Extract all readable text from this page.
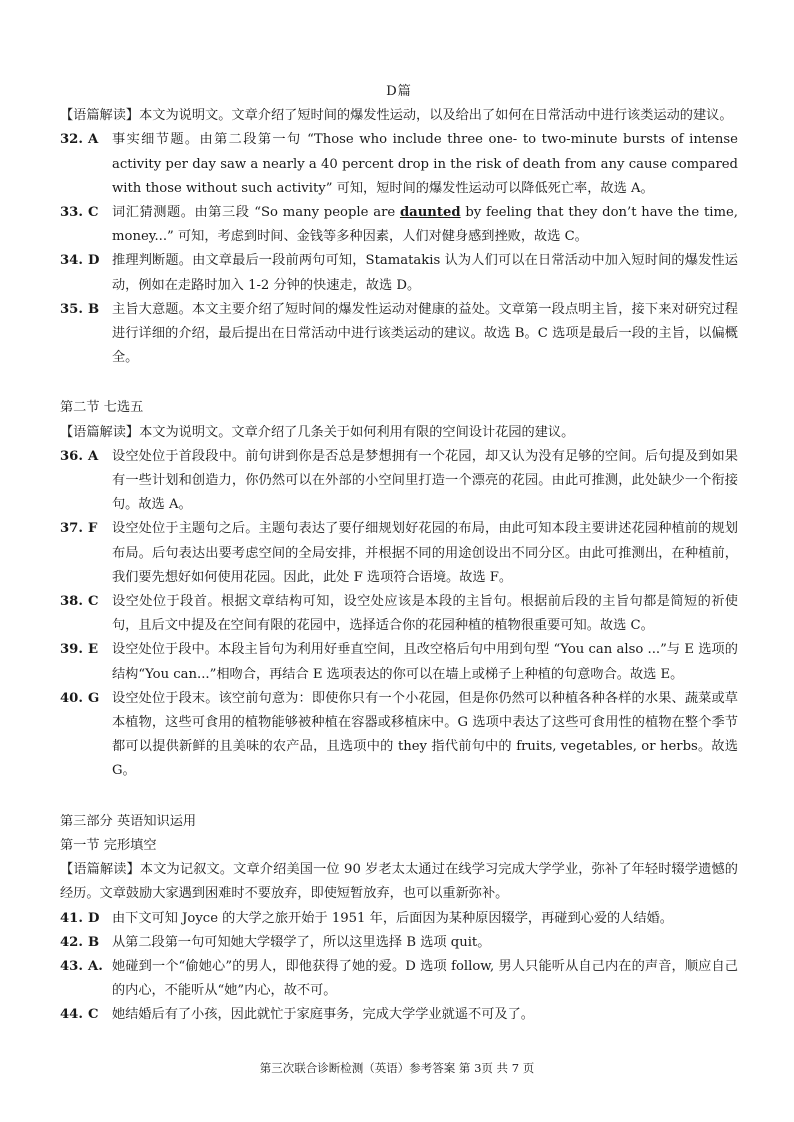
D篇

【语篇解读】本文为说明文。文章介绍了短时间的爆发性运动，以及给出了如何在日常活动中进行该类运动的建议。

32. A	事实细节题。由第二段第一句 “Those who include three one- to two-minute bursts of intense activity per day saw a nearly a 40 percent drop in the risk of death from any cause compared with those without such activity” 可知，短时间的爆发性运动可以降低死亡率，故选 A。
33. C	词汇猜测题。由第三段 “So many people are daunted by feeling that they don’t have the time, money...” 可知，考虑到时间、金钱等多种因素，人们对健身感到挫败，故选 C。
34. D 推理判断题。由文章最后一段前两句可知，Stamatakis 认为人们可以在日常活动中加入短时间的爆发性运动，例如在走路时加入 1-2 分钟的快速走，故选 D。
35. B 主旨大意题。本文主要介绍了短时间的爆发性运动对健康的益处。文章第一段点明主旨，接下来对研究过程进行详细的介绍，最后提出在日常活动中进行该类运动的建议。故选 B。C 选项是最后一段的主旨，以偏概全。

第二节 七选五

【语篇解读】本文为说明文。文章介绍了几条关于如何利用有限的空间设计花园的建议。

36. A	设空处位于首段段中。前句讲到你是否总是梦想拥有一个花园，却又认为没有足够的空间。后句提及到如果有一些计划和创造力，你仍然可以在外部的小空间里打造一个漂亮的花园。由此可推测，此处缺少一个衔接句。故选 A。
37. F	设空处位于主题句之后。主题句表达了要仔细规划好花园的布局，由此可知本段主要讲述花园种植前的规划布局。后句表达出要考虑空间的全局安排，并根据不同的用途创设出不同分区。由此可推测出，在种植前，我们要先想好如何使用花园。因此，此处 F 选项符合语境。故选 F。
38. C	设空处位于段首。根据文章结构可知，设空处应该是本段的主旨句。根据前后段的主旨句都是简短的祈使句，且后文中提及在空间有限的花园中，选择适合你的花园种植的植物很重要可知。故选 C。
39. E	设空处位于段中。本段主旨句为利用好垂直空间，且改空格后句中用到句型 “You can also ...”与 E 选项的结构“You can...”相吻合，再结合 E 选项表达的你可以在墙上或梯子上种植的句意吻合。故选 E。
40. G 设空处位于段末。该空前句意为：即使你只有一个小花园，但是你仍然可以种植各种各样的水果、蔬菜或草本植物，这些可食用的植物能够被种植在容器或移植床中。G 选项中表达了这些可食用性的植物在整个季节都可以提供新鲜的且美味的农产品，且选项中的 they 指代前句中的 fruits, vegetables, or herbs。故选 G。

第三部分 英语知识运用

第一节 完形填空

【语篇解读】本文为记叙文。文章介绍美国一位 90 岁老太太通过在线学习完成大学学业，弥补了年轻时辍学遗憾的经历。文章鼓励大家遇到困难时不要放弃，即使短暂放弃，也可以重新弥补。

41. D 由下文可知 Joyce 的大学之旅开始于 1951 年，后面因为某种原因辍学，再碰到心爱的人结婚。
42. B 从第二段第一句可知她大学辍学了，所以这里选择 B 选项 quit。
43. A. 她碰到一个“偷她心”的男人，即他获得了她的爱。D 选项 follow, 男人只能听从自己内在的声音，顺应自己的内心，不能听从“她”内心，故不可。
44. C	她结婚后有了小孩，因此就忙于家庭事务，完成大学学业就遥不可及了。
第三次联合诊断检测（英语）参考答案 第 3页 共 7 页
